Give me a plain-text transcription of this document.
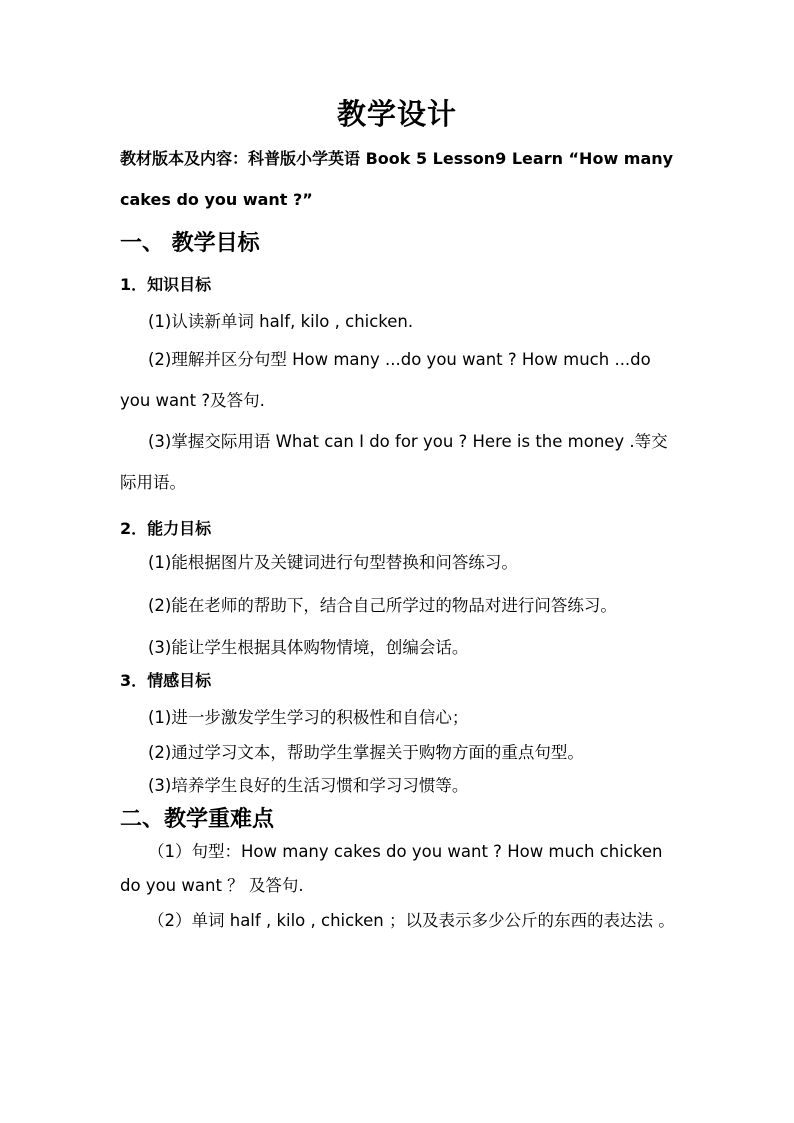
教学设计
教材版本及内容：科普版小学英语 Book 5 Lesson9 Learn “How many cakes do you want ?”
一、 教学目标
1．知识目标
(1)认读新单词 half, kilo , chicken.
(2)理解并区分句型 How many ...do you want ? How much ...do you want ?及答句.
(3)掌握交际用语 What can I do for you ? Here is the money .等交际用语。
2．能力目标
(1)能根据图片及关键词进行句型替换和问答练习。
(2)能在老师的帮助下，结合自己所学过的物品对进行问答练习。
(3)能让学生根据具体购物情境，创编会话。
3．情感目标
(1)进一步激发学生学习的积极性和自信心；
(2)通过学习文本，帮助学生掌握关于购物方面的重点句型。
(3)培养学生良好的生活习惯和学习习惯等。
二、教学重难点
（1）句型：How many cakes do you want ? How much chicken do you want ？ 及答句.
（2）单词 half , kilo , chicken ；以及表示多少公斤的东西的表达法 。
